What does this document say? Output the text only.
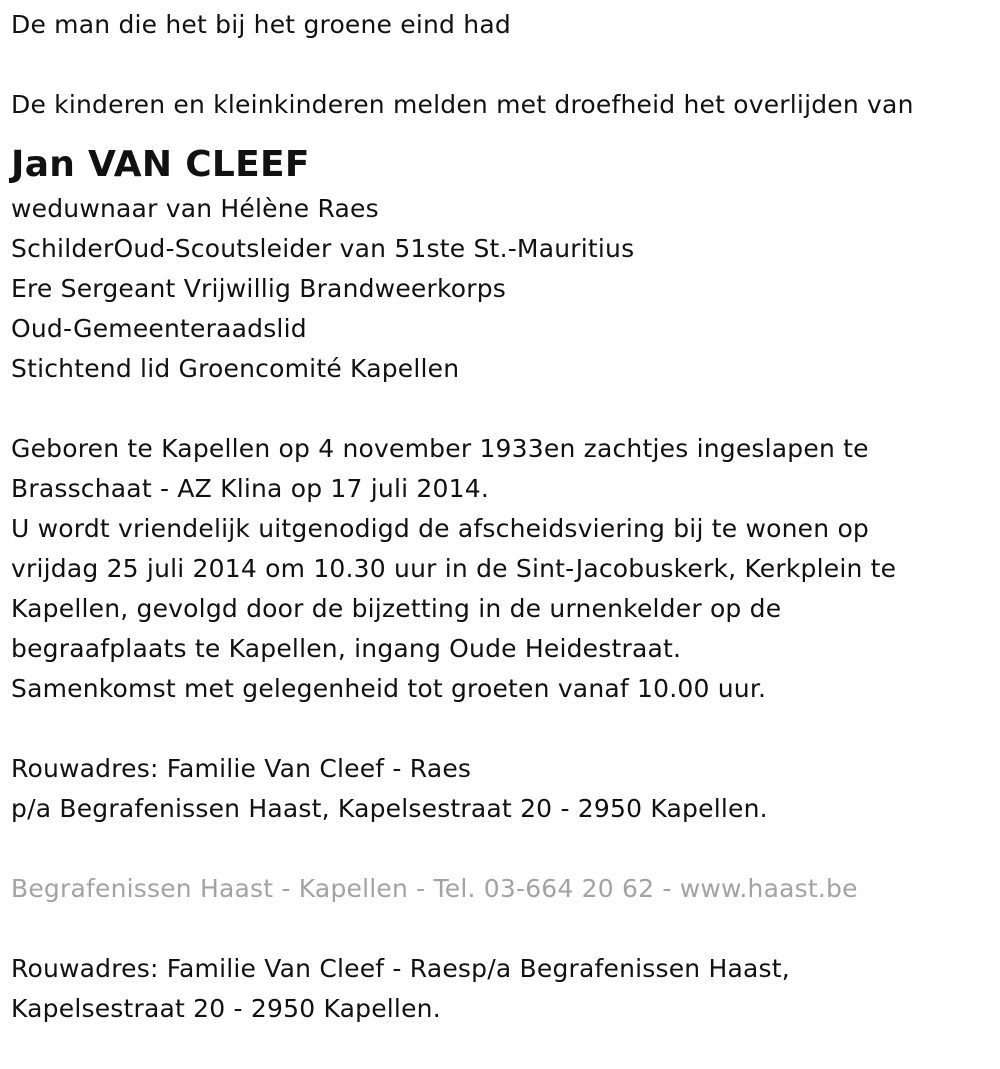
De man die het bij het groene eind had
De kinderen en kleinkinderen melden met droefheid het overlijden van
Jan VAN CLEEF
weduwnaar van Hélène Raes
SchilderOud-Scoutsleider van 51ste St.-Mauritius
Ere Sergeant Vrijwillig Brandweerkorps
Oud-Gemeenteraadslid
Stichtend lid Groencomité Kapellen
Geboren te Kapellen op 4 november 1933en zachtjes ingeslapen te
Brasschaat - AZ Klina op 17 juli 2014.
U wordt vriendelijk uitgenodigd de afscheidsviering bij te wonen op
vrijdag 25 juli 2014 om 10.30 uur in de Sint-Jacobuskerk, Kerkplein te
Kapellen, gevolgd door de bijzetting in de urnenkelder op de
begraafplaats te Kapellen, ingang Oude Heidestraat.
Samenkomst met gelegenheid tot groeten vanaf 10.00 uur.
Rouwadres: Familie Van Cleef - Raes
p/a Begrafenissen Haast, Kapelsestraat 20 - 2950 Kapellen.
Begrafenissen Haast - Kapellen - Tel. 03-664 20 62 - www.haast.be
Rouwadres: Familie Van Cleef - Raesp/a Begrafenissen Haast,
Kapelsestraat 20 - 2950 Kapellen.
